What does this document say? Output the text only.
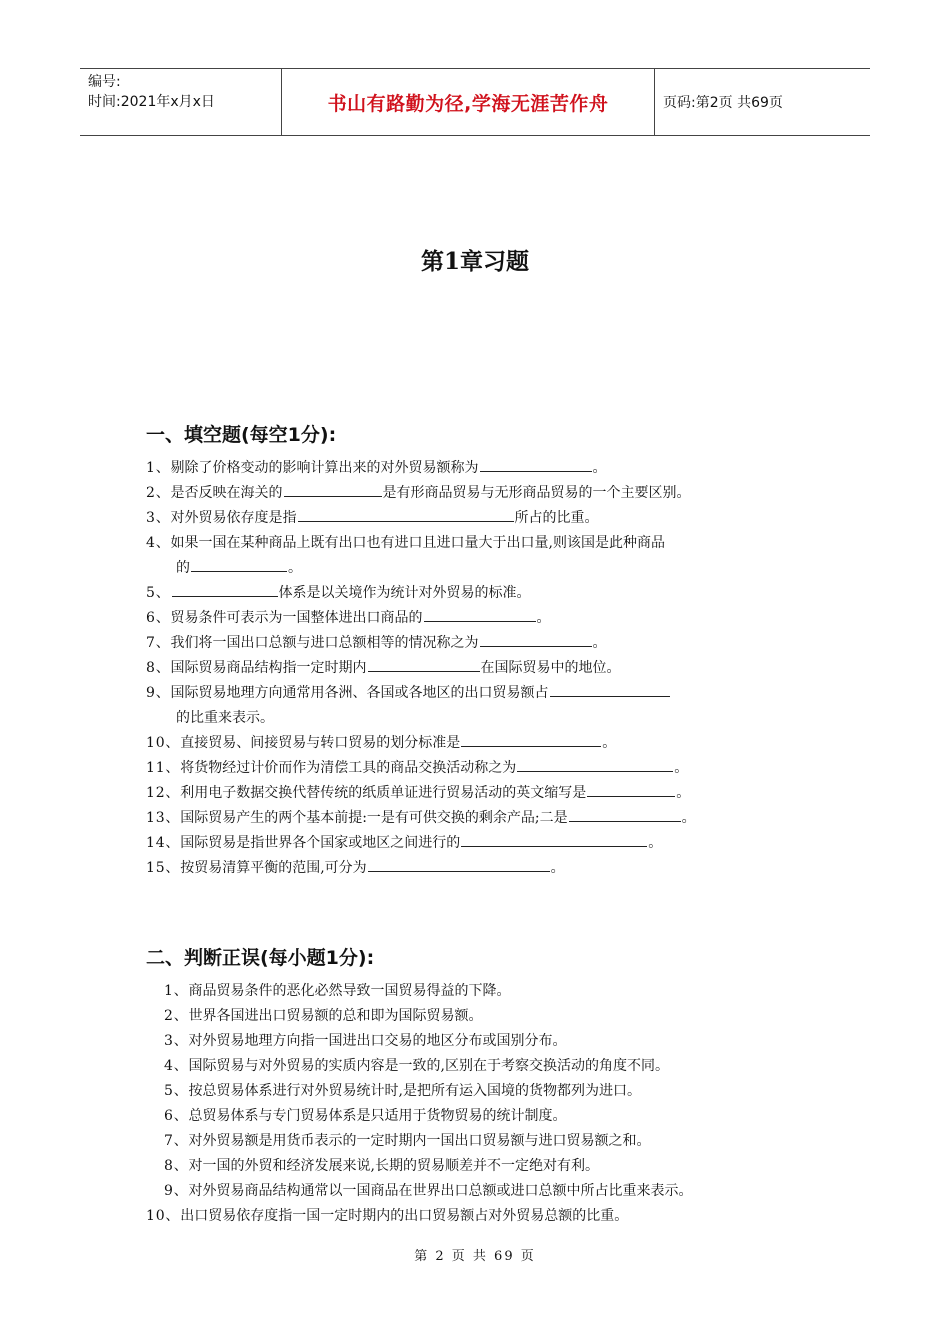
编号:
时间:2021年x月x日	书山有路勤为径,学海无涯苦作舟	页码:第2页 共69页
第1章习题
一、填空题(每空1分):
1、剔除了价格变动的影响计算出来的对外贸易额称为	。
2、是否反映在海关的	是有形商品贸易与无形商品贸易的一个主要区别。
3、对外贸易依存度是指	所占的比重。
4、如果一国在某种商品上既有出口也有进口且进口量大于出口量,则该国是此种商品
的	。
5、	体系是以关境作为统计对外贸易的标准。
6、贸易条件可表示为一国整体进出口商品的	。
7、我们将一国出口总额与进口总额相等的情况称之为	。
8、国际贸易商品结构指一定时期内	在国际贸易中的地位。
9、国际贸易地理方向通常用各洲、各国或各地区的出口贸易额占
的比重来表示。
10、直接贸易、间接贸易与转口贸易的划分标准是	。
11、将货物经过计价而作为清偿工具的商品交换活动称之为	。
12、利用电子数据交换代替传统的纸质单证进行贸易活动的英文缩写是	。
13、国际贸易产生的两个基本前提:一是有可供交换的剩余产品;二是	。
14、国际贸易是指世界各个国家或地区之间进行的	。
15、按贸易清算平衡的范围,可分为	。
二、判断正误(每小题1分):
1、商品贸易条件的恶化必然导致一国贸易得益的下降。
2、世界各国进出口贸易额的总和即为国际贸易额。
3、对外贸易地理方向指一国进出口交易的地区分布或国别分布。
4、国际贸易与对外贸易的实质内容是一致的,区别在于考察交换活动的角度不同。
5、按总贸易体系进行对外贸易统计时,是把所有运入国境的货物都列为进口。
6、总贸易体系与专门贸易体系是只适用于货物贸易的统计制度。
7、对外贸易额是用货币表示的一定时期内一国出口贸易额与进口贸易额之和。
8、对一国的外贸和经济发展来说,长期的贸易顺差并不一定绝对有利。
9、对外贸易商品结构通常以一国商品在世界出口总额或进口总额中所占比重来表示。
10、出口贸易依存度指一国一定时期内的出口贸易额占对外贸易总额的比重。
第 2 页 共 69 页
